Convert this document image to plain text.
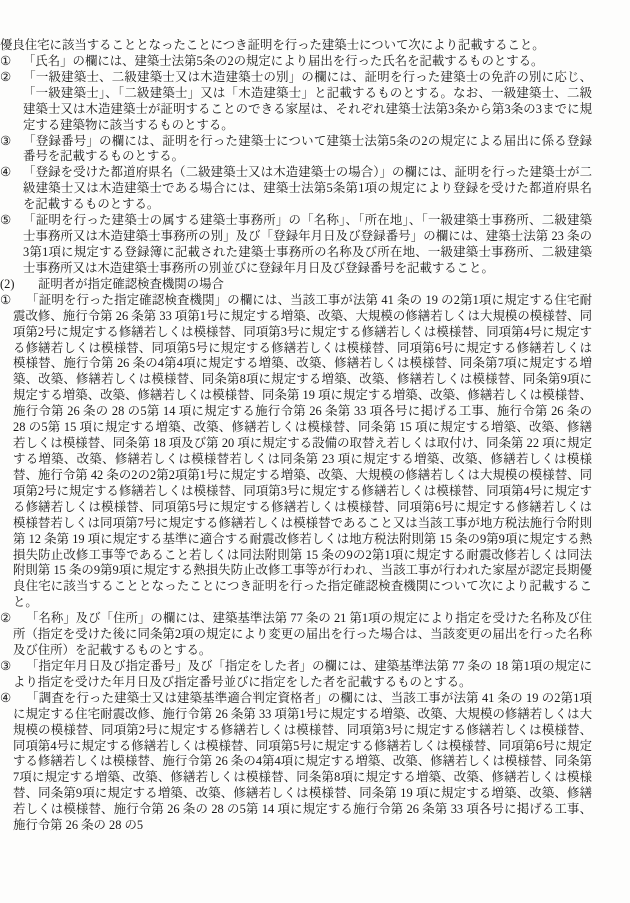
優良住宅に該当することとなったことにつき証明を行った建築士について次により記載すること。

① 「氏名」の欄には、建築士法第5条の2の規定により届出を行った氏名を記載するものとする。
② 「一級建築士、二級建築士又は木造建築士の別」の欄には、証明を行った建築士の免許の別に応じ、「一級建築士」、「二級建築士」又は「木造建築士」と記載するものとする。なお、一級建築士、二級建築士又は木造建築士が証明することのできる家屋は、それぞれ建築士法第3条から第3条の3までに規定する建築物に該当するものとする。
③ 「登録番号」の欄には、証明を行った建築士について建築士法第5条の2の規定による届出に係る登録番号を記載するものとする。
④ 「登録を受けた都道府県名（二級建築士又は木造建築士の場合）」の欄には、証明を行った建築士が二級建築士又は木造建築士である場合には、建築士法第5条第1項の規定により登録を受けた都道府県名を記載するものとする。
⑤ 「証明を行った建築士の属する建築士事務所」の「名称」、「所在地」、「一級建築士事務所、二級建築士事務所又は木造建築士事務所の別」及び「登録年月日及び登録番号」の欄には、建築士法第 23 条の3第1項に規定する登録簿に記載された建築士事務所の名称及び所在地、一級建築士事務所、二級建築士事務所又は木造建築士事務所の別並びに登録年月日及び登録番号を記載すること。
(2) 証明者が指定確認検査機関の場合
① 「証明を行った指定確認検査機関」の欄には、当該工事が法第 41 条の 19 の2第1項に規定する住宅耐震改修、施行令第 26 条第 33 項第1号に規定する増築、改築、大規模の修繕若しくは大規模の模様替、同項第2号に規定する修繕若しくは模様替、同項第3号に規定する修繕若しくは模様替、同項第4号に規定する修繕若しくは模様替、同項第5号に規定する修繕若しくは模様替、同項第6号に規定する修繕若しくは模様替、施行令第 26 条の4第4項に規定する増築、改築、修繕若しくは模様替、同条第7項に規定する増築、改築、修繕若しくは模様替、同条第8項に規定する増築、改築、修繕若しくは模様替、同条第9項に規定する増築、改築、修繕若しくは模様替、同条第 19 項に規定する増築、改築、修繕若しくは模様替、施行令第 26 条の 28 の5第 14 項に規定する施行令第 26 条第 33 項各号に掲げる工事、施行令第 26 条の 28 の5第 15 項に規定する増築、改築、修繕若しくは模様替、同条第 15 項に規定する増築、改築、修繕若しくは模様替、同条第 18 項及び第 20 項に規定する設備の取替え若しくは取付け、同条第 22 項に規定する増築、改築、修繕若しくは模様替若しくは同条第 23 項に規定する増築、改築、修繕若しくは模様替、施行令第 42 条の2の2第2項第1号に規定する増築、改築、大規模の修繕若しくは大規模の模様替、同項第2号に規定する修繕若しくは模様替、同項第3号に規定する修繕若しくは模様替、同項第4号に規定する修繕若しくは模様替、同項第5号に規定する修繕若しくは模様替、同項第6号に規定する修繕若しくは模様替若しくは同項第7号に規定する修繕若しくは模様替であること又は当該工事が地方税法施行令附則第 12 条第 19 項に規定する基準に適合する耐震改修若しくは地方税法附則第 15 条の9第9項に規定する熱損失防止改修工事等であること若しくは同法附則第 15 条の9の2第1項に規定する耐震改修若しくは同法附則第 15 条の9第9項に規定する熱損失防止改修工事等が行われ、当該工事が行われた家屋が認定長期優良住宅に該当することとなったことにつき証明を行った指定確認検査機関について次により記載すること。
② 「名称」及び「住所」の欄には、建築基準法第 77 条の 21 第1項の規定により指定を受けた名称及び住所（指定を受けた後に同条第2項の規定により変更の届出を行った場合は、当該変更の届出を行った名称及び住所）を記載するものとする。
③ 「指定年月日及び指定番号」及び「指定をした者」の欄には、建築基準法第 77 条の 18 第1項の規定により指定を受けた年月日及び指定番号並びに指定をした者を記載するものとする。
④ 「調査を行った建築士又は建築基準適合判定資格者」の欄には、当該工事が法第 41 条の 19 の2第1項に規定する住宅耐震改修、施行令第 26 条第 33 項第1号に規定する増築、改築、大規模の修繕若しくは大規模の模様替、同項第2号に規定する修繕若しくは模様替、同項第3号に規定する修繕若しくは模様替、同項第4号に規定する修繕若しくは模様替、同項第5号に規定する修繕若しくは模様替、同項第6号に規定する修繕若しくは模様替、施行令第 26 条の4第4項に規定する増築、改築、修繕若しくは模様替、同条第7項に規定する増築、改築、修繕若しくは模様替、同条第8項に規定する増築、改築、修繕若しくは模様替、同条第9項に規定する増築、改築、修繕若しくは模様替、同条第 19 項に規定する増築、改築、修繕若しくは模様替、施行令第 26 条の 28 の5第 14 項に規定する施行令第 26 条第 33 項各号に掲げる工事、施行令第 26 条の 28 の5
